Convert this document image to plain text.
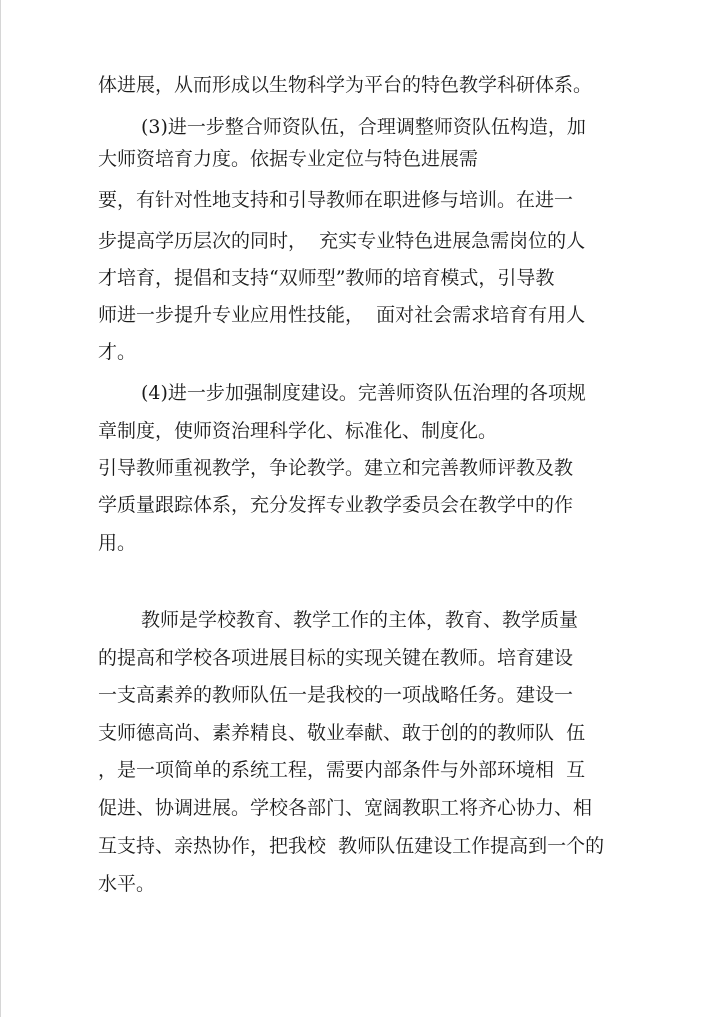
体进展，从而形成以生物科学为平台的特色教学科研体系。

(3)进一步整合师资队伍，合理调整师资队伍构造，加

大师资培育力度。依据专业定位与特色进展需

要，有针对性地支持和引导教师在职进修与培训。在进一

步提高学历层次的同时，  充实专业特色进展急需岗位的人

才培育，提倡和支持“双师型”教师的培育模式，引导教

师进一步提升专业应用性技能，  面对社会需求培育有用人

才。

(4)进一步加强制度建设。完善师资队伍治理的各项规

章制度，使师资治理科学化、标准化、制度化。

引导教师重视教学，争论教学。建立和完善教师评教及教

学质量跟踪体系，充分发挥专业教学委员会在教学中的作

用。

教师是学校教育、教学工作的主体，教育、教学质量

的提高和学校各项进展目标的实现关键在教师。培育建设

一支高素养的教师队伍一是我校的一项战略任务。建设一

支师德高尚、素养精良、敬业奉献、敢于创的的教师队  伍

，是一项简单的系统工程，需要内部条件与外部环境相  互

促进、协调进展。学校各部门、宽阔教职工将齐心协力、相

互支持、亲热协作，把我校  教师队伍建设工作提高到一个的

水平。
